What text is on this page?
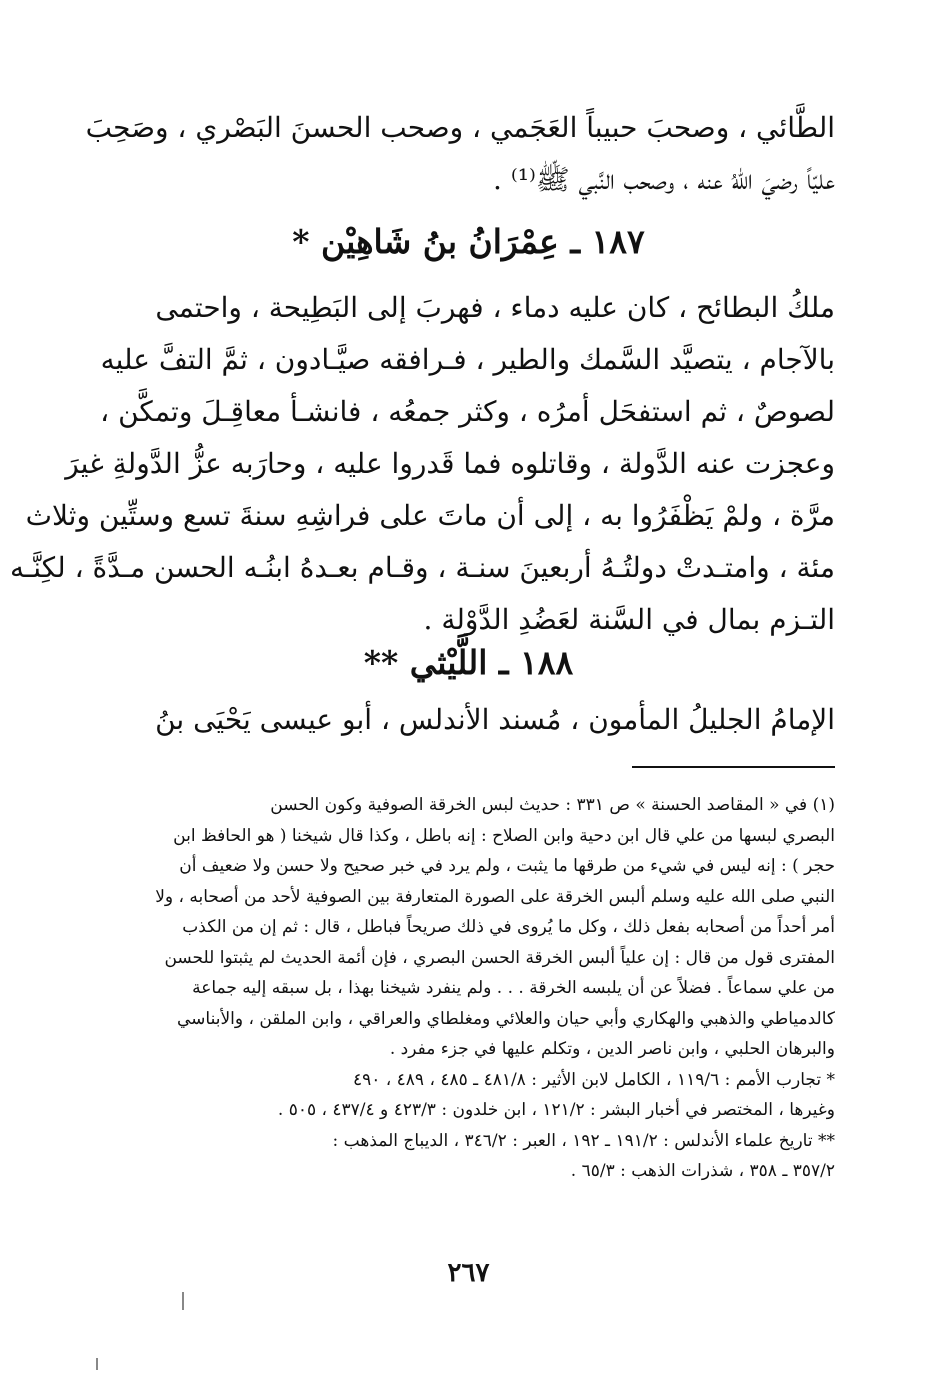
الطَّائي ، وصحبَ حبيباً العَجَمي ، وصحب الحسنَ البَصْري ، وصَحِبَ
عليّاً رضيَ اللهُ عنه ، وصحب النَّبي ﷺ⁽¹⁾ .
١٨٧ ـ عِمْرَانُ بنُ شَاهِيْن *
ملكُ البطائح ، كان عليه دماء ، فهربَ إلى البَطِيحة ، واحتمى
بالآجام ، يتصيَّد السَّمك والطير ، فـرافقه صيَّـادون ، ثمَّ التفَّ عليه
لصوصٌ ، ثم استفحَل أمرُه ، وكثر جمعُه ، فانشـأ معاقِـلَ وتمكَّن ،
وعجزت عنه الدَّولة ، وقاتلوه فما قَدروا عليه ، وحارَبه عزُّ الدَّولةِ غيرَ
مرَّة ، ولمْ يَظْفَرُوا به ، إلى أن ماتَ على فراشِهِ سنةَ تسع وستِّين وثلاث
مئة ، وامتـدتْ دولتُـهُ أربعينَ سنـة ، وقـام بعـدهُ ابنُـه الحسن مـدَّةً ، لكِنَّـه
التـزم بمال في السَّنة لعَضُدِ الدَّوْلة .
١٨٨ ـ اللَّيْثي **
الإمامُ الجليلُ المأمون ، مُسند الأندلس ، أبو عيسى يَحْيَى بنُ
(١) في « المقاصد الحسنة » ص ٣٣١ : حديث لبس الخرقة الصوفية وكون الحسن
البصري لبسها من علي قال ابن دحية وابن الصلاح : إنه باطل ، وكذا قال شيخنا ( هو الحافظ ابن
حجر ) : إنه ليس في شيء من طرقها ما يثبت ، ولم يرد في خبر صحيح ولا حسن ولا ضعيف أن
النبي صلى الله عليه وسلم ألبس الخرقة على الصورة المتعارفة بين الصوفية لأحد من أصحابه ، ولا
أمر أحداً من أصحابه بفعل ذلك ، وكل ما يُروى في ذلك صريحاً فباطل ، قال : ثم إن من الكذب
المفترى قول من قال : إن علياً ألبس الخرقة الحسن البصري ، فإن أئمة الحديث لم يثبتوا للحسن
من علي سماعاً . فضلاً عن أن يلبسه الخرقة . . . ولم ينفرد شيخنا بهذا ، بل سبقه إليه جماعة
كالدمياطي والذهبي والهكاري وأبي حيان والعلائي ومغلطاي والعراقي ، وابن الملقن ، والأبناسي
والبرهان الحلبي ، وابن ناصر الدين ، وتكلم عليها في جزء مفرد .
* تجارب الأمم : ١١٩/٦ ، الكامل لابن الأثير : ٤٨١/٨ ـ ٤٨٥ ، ٤٨٩ ، ٤٩٠
وغيرها ، المختصر في أخبار البشر : ١٢١/٢ ، ابن خلدون : ٤٢٣/٣ و ٤٣٧/٤ ، ٥٠٥ .
** تاريخ علماء الأندلس : ١٩١/٢ ـ ١٩٢ ، العبر : ٣٤٦/٢ ، الديباج المذهب :
٣٥٧/٢ ـ ٣٥٨ ، شذرات الذهب : ٦٥/٣ .
٢٦٧
